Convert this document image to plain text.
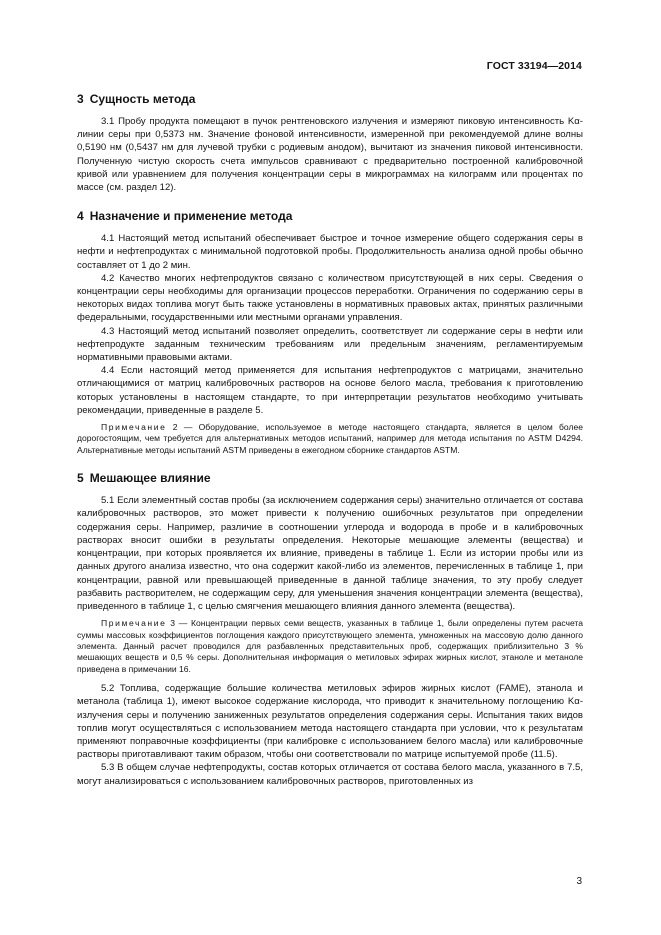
ГОСТ 33194—2014
3 Сущность метода

3.1 Пробу продукта помещают в пучок рентгеновского излучения и измеряют пиковую интенсивность Kα-линии серы при 0,5373 нм. Значение фоновой интенсивности, измеренной при рекомендуемой длине волны 0,5190 нм (0,5437 нм для лучевой трубки с родиевым анодом), вычитают из значения пиковой интенсивности. Полученную чистую скорость счета импульсов сравнивают с предварительно построенной калибровочной кривой или уравнением для получения концентрации серы в микрограммах на килограмм или процентах по массе (см. раздел 12).

4 Назначение и применение метода

4.1 Настоящий метод испытаний обеспечивает быстрое и точное измерение общего содержания серы в нефти и нефтепродуктах с минимальной подготовкой пробы. Продолжительность анализа одной пробы обычно составляет от 1 до 2 мин.

4.2 Качество многих нефтепродуктов связано с количеством присутствующей в них серы. Сведения о концентрации серы необходимы для организации процессов переработки. Ограничения по содержанию серы в некоторых видах топлива могут быть также установлены в нормативных правовых актах, принятых различными федеральными, государственными или местными органами управления.

4.3 Настоящий метод испытаний позволяет определить, соответствует ли содержание серы в нефти или нефтепродукте заданным техническим требованиям или предельным значениям, регламентируемым нормативными правовыми актами.

4.4 Если настоящий метод применяется для испытания нефтепродуктов с матрицами, значительно отличающимися от матриц калибровочных растворов на основе белого масла, требования к приготовлению которых установлены в настоящем стандарте, то при интерпретации результатов необходимо учитывать рекомендации, приведенные в разделе 5.

Примечание 2 — Оборудование, используемое в методе настоящего стандарта, является в целом более дорогостоящим, чем требуется для альтернативных методов испытаний, например для метода испытания по ASTM D4294. Альтернативные методы испытаний ASTM приведены в ежегодном сборнике стандартов ASTM.

5 Мешающее влияние

5.1 Если элементный состав пробы (за исключением содержания серы) значительно отличается от состава калибровочных растворов, это может привести к получению ошибочных результатов при определении содержания серы. Например, различие в соотношении углерода и водорода в пробе и в калибровочных растворах вносит ошибки в результаты определения. Некоторые мешающие элементы (вещества) и концентрации, при которых проявляется их влияние, приведены в таблице 1. Если из истории пробы или из данных другого анализа известно, что она содержит какой-либо из элементов, перечисленных в таблице 1, при концентрации, равной или превышающей приведенные в данной таблице значения, то эту пробу следует разбавить растворителем, не содержащим серу, для уменьшения значения концентрации элемента (вещества), приведенного в таблице 1, с целью смягчения мешающего влияния данного элемента (вещества).

Примечание 3 — Концентрации первых семи веществ, указанных в таблице 1, были определены путем расчета суммы массовых коэффициентов поглощения каждого присутствующего элемента, умноженных на массовую долю данного элемента. Данный расчет проводился для разбавленных представительных проб, содержащих приблизительно 3 % мешающих веществ и 0,5 % серы. Дополнительная информация о метиловых эфирах жирных кислот, этаноле и метаноле приведена в примечании 16.

5.2 Топлива, содержащие большие количества метиловых эфиров жирных кислот (FAME), этанола и метанола (таблица 1), имеют высокое содержание кислорода, что приводит к значительному поглощению Kα-излучения серы и получению заниженных результатов определения содержания серы. Испытания таких видов топлив могут осуществляться с использованием метода настоящего стандарта при условии, что к результатам применяют поправочные коэффициенты (при калибровке с использованием белого масла) или калибровочные растворы приготавливают таким образом, чтобы они соответствовали по матрице испытуемой пробе (11.5).

5.3 В общем случае нефтепродукты, состав которых отличается от состава белого масла, указанного в 7.5, могут анализироваться с использованием калибровочных растворов, приготовленных из

3
